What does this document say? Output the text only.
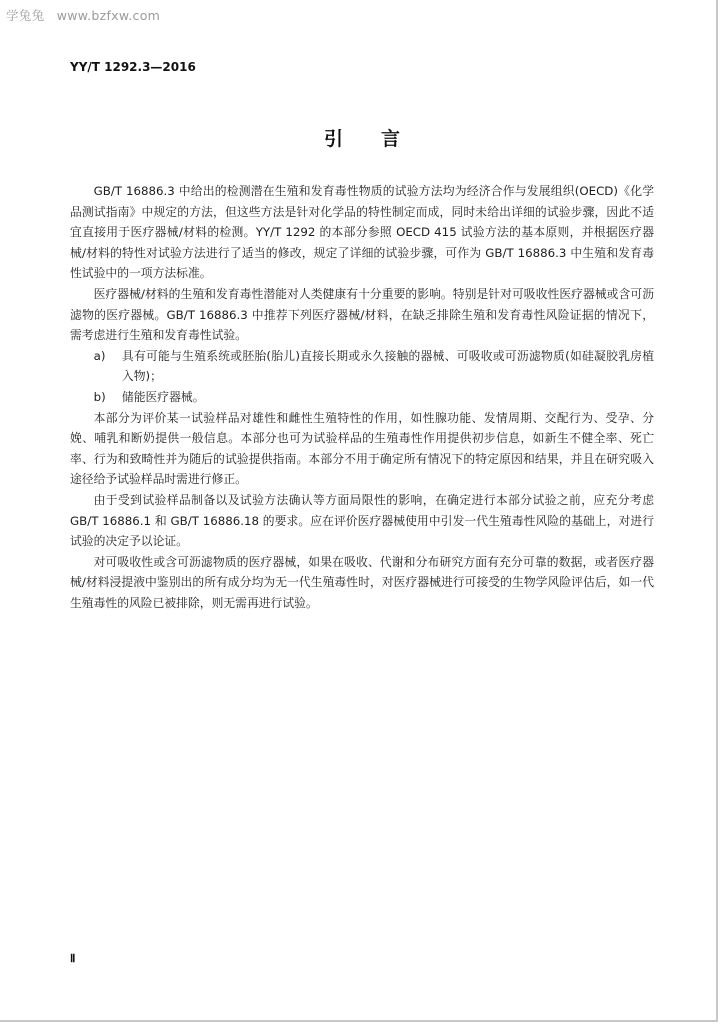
学兔兔 www.bzfxw.com
YY/T 1292.3—2016
引言

GB/T 16886.3 中给出的检测潜在生殖和发育毒性物质的试验方法均为经济合作与发展组织(OECD)《化学品测试指南》中规定的方法，但这些方法是针对化学品的特性制定而成，同时未给出详细的试验步骤，因此不适宜直接用于医疗器械/材料的检测。YY/T 1292 的本部分参照 OECD 415 试验方法的基本原则，并根据医疗器械/材料的特性对试验方法进行了适当的修改，规定了详细的试验步骤，可作为 GB/T 16886.3 中生殖和发育毒性试验中的一项方法标准。

医疗器械/材料的生殖和发育毒性潜能对人类健康有十分重要的影响。特别是针对可吸收性医疗器械或含可沥滤物的医疗器械。GB/T 16886.3 中推荐下列医疗器械/材料，在缺乏排除生殖和发育毒性风险证据的情况下，需考虑进行生殖和发育毒性试验。

a)	具有可能与生殖系统或胚胎(胎儿)直接长期或永久接触的器械、可吸收或可沥滤物质(如硅凝胶乳房植入物)；
b)	储能医疗器械。

本部分为评价某一试验样品对雄性和雌性生殖特性的作用，如性腺功能、发情周期、交配行为、受孕、分娩、哺乳和断奶提供一般信息。本部分也可为试验样品的生殖毒性作用提供初步信息，如新生不健全率、死亡率、行为和致畸性并为随后的试验提供指南。本部分不用于确定所有情况下的特定原因和结果，并且在研究吸入途径给予试验样品时需进行修正。

由于受到试验样品制备以及试验方法确认等方面局限性的影响，在确定进行本部分试验之前，应充分考虑 GB/T 16886.1 和 GB/T 16886.18 的要求。应在评价医疗器械使用中引发一代生殖毒性风险的基础上，对进行试验的决定予以论证。

对可吸收性或含可沥滤物质的医疗器械，如果在吸收、代谢和分布研究方面有充分可靠的数据，或者医疗器械/材料浸提液中鉴别出的所有成分均为无一代生殖毒性时，对医疗器械进行可接受的生物学风险评估后，如一代生殖毒性的风险已被排除，则无需再进行试验。

Ⅱ
